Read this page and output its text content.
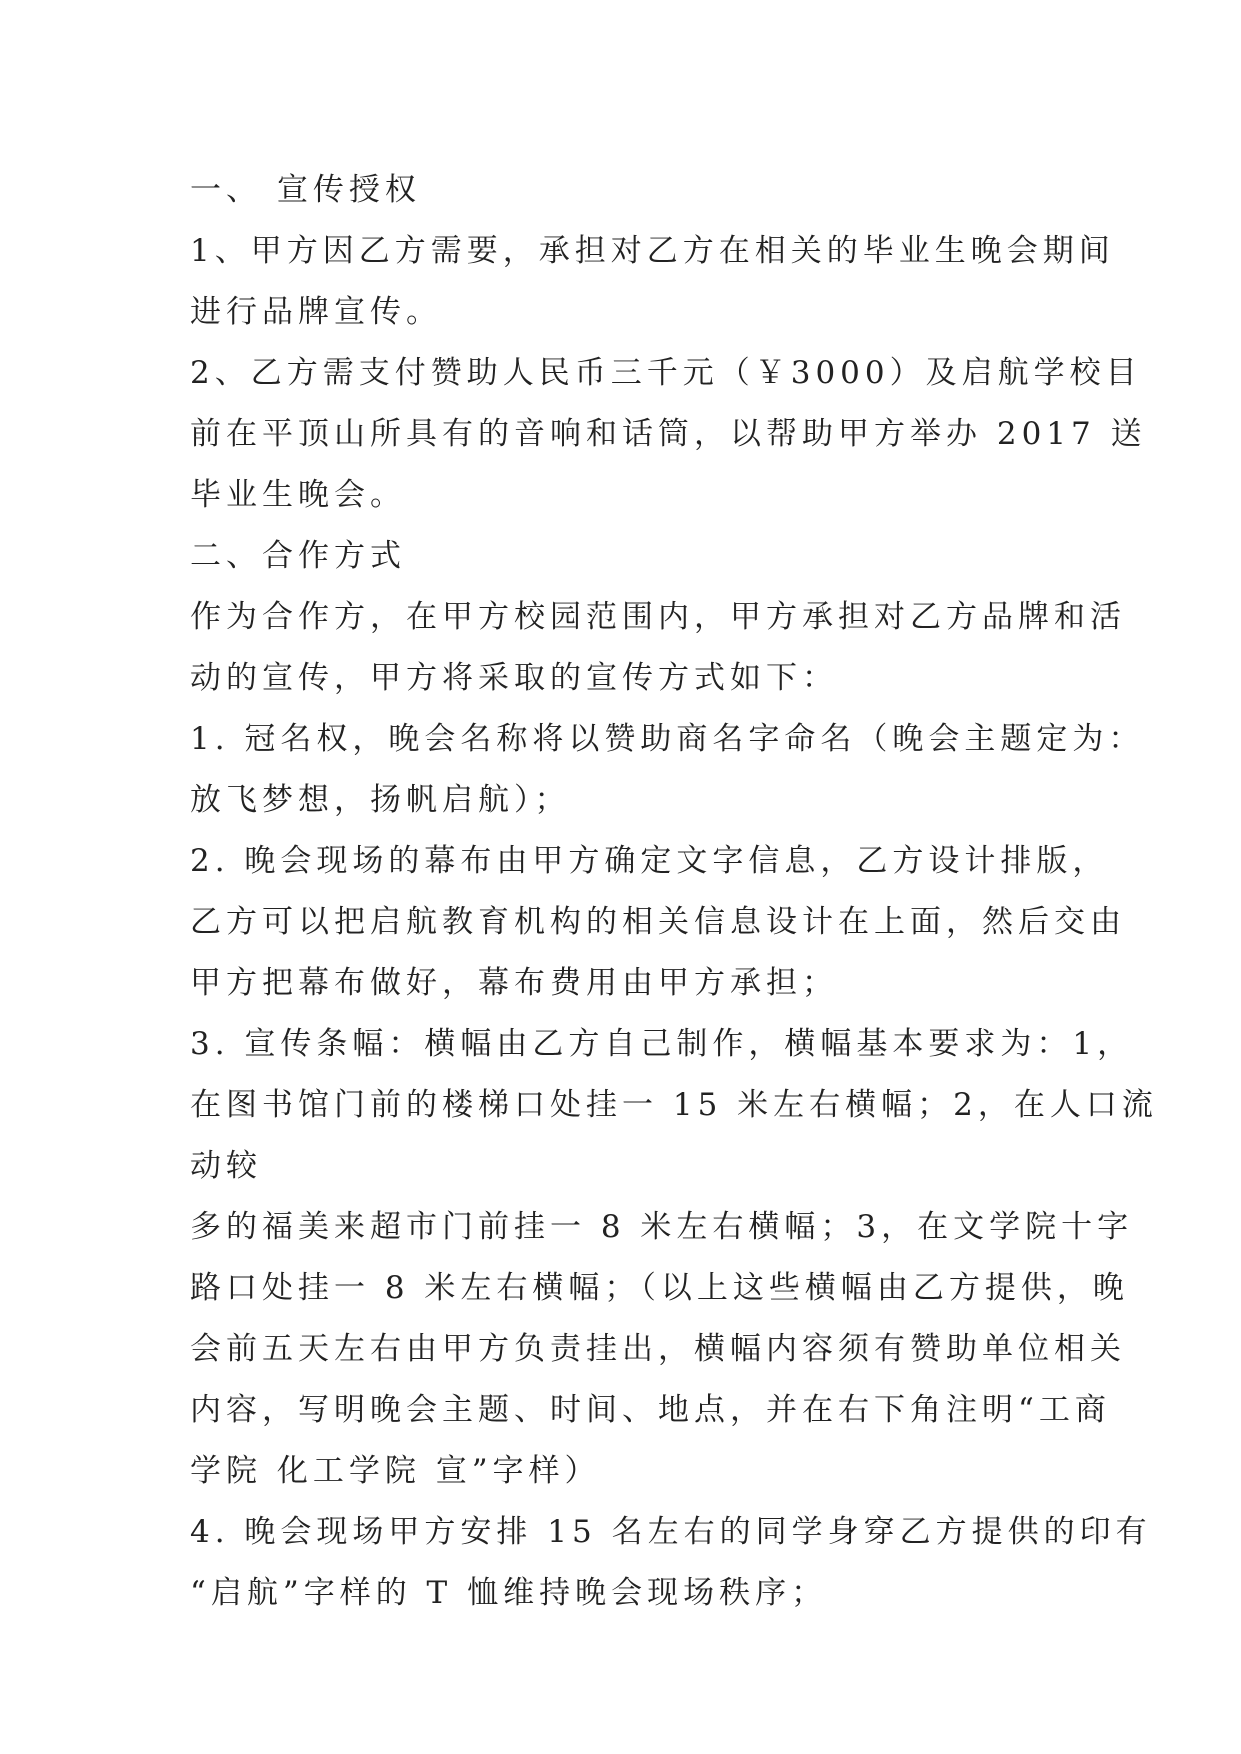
一、 宣传授权
1、甲方因乙方需要，承担对乙方在相关的毕业生晚会期间
进行品牌宣传。
2、乙方需支付赞助人民币三千元（￥3000）及启航学校目
前在平顶山所具有的音响和话筒，以帮助甲方举办 2017 送
毕业生晚会。
二、合作方式
作为合作方，在甲方校园范围内，甲方承担对乙方品牌和活
动的宣传，甲方将采取的宣传方式如下：
1. 冠名权，晚会名称将以赞助商名字命名（晚会主题定为：
放飞梦想，扬帆启航）；
2. 晚会现场的幕布由甲方确定文字信息，乙方设计排版，
乙方可以把启航教育机构的相关信息设计在上面，然后交由
甲方把幕布做好，幕布费用由甲方承担；
3. 宣传条幅：横幅由乙方自己制作，横幅基本要求为：1，
在图书馆门前的楼梯口处挂一 15 米左右横幅；2，在人口流
动较
多的福美来超市门前挂一 8 米左右横幅；3，在文学院十字
路口处挂一 8 米左右横幅；（以上这些横幅由乙方提供，晚
会前五天左右由甲方负责挂出，横幅内容须有赞助单位相关
内容，写明晚会主题、时间、地点，并在右下角注明“工商
学院 化工学院 宣”字样）
4. 晚会现场甲方安排 15 名左右的同学身穿乙方提供的印有
“启航”字样的 T 恤维持晚会现场秩序；
